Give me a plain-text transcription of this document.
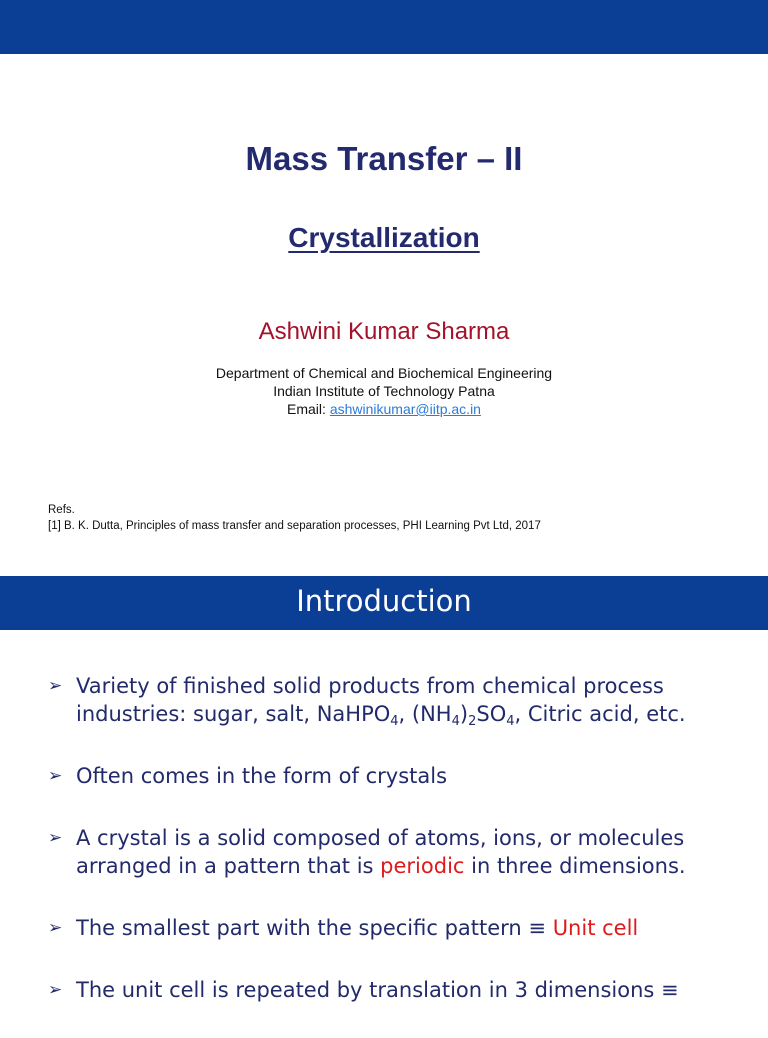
Mass Transfer – II
Crystallization
Ashwini Kumar Sharma
Department of Chemical and Biochemical Engineering
Indian Institute of Technology Patna
Email: ashwinikumar@iitp.ac.in
Refs.
[1] B. K. Dutta, Principles of mass transfer and separation processes, PHI Learning Pvt Ltd, 2017
Introduction
➢ Variety of finished solid products from chemical process industries: sugar, salt, NaHPO$_4$, $(NH_4)_2SO_4$, Citric acid, etc.
➢ Often comes in the form of crystals
➢ A crystal is a solid composed of atoms, ions, or molecules arranged in a pattern that is periodic in three dimensions.
➢ The smallest part with the specific pattern ≡ Unit cell
➢ The unit cell is repeated by translation in 3 dimensions ≡
